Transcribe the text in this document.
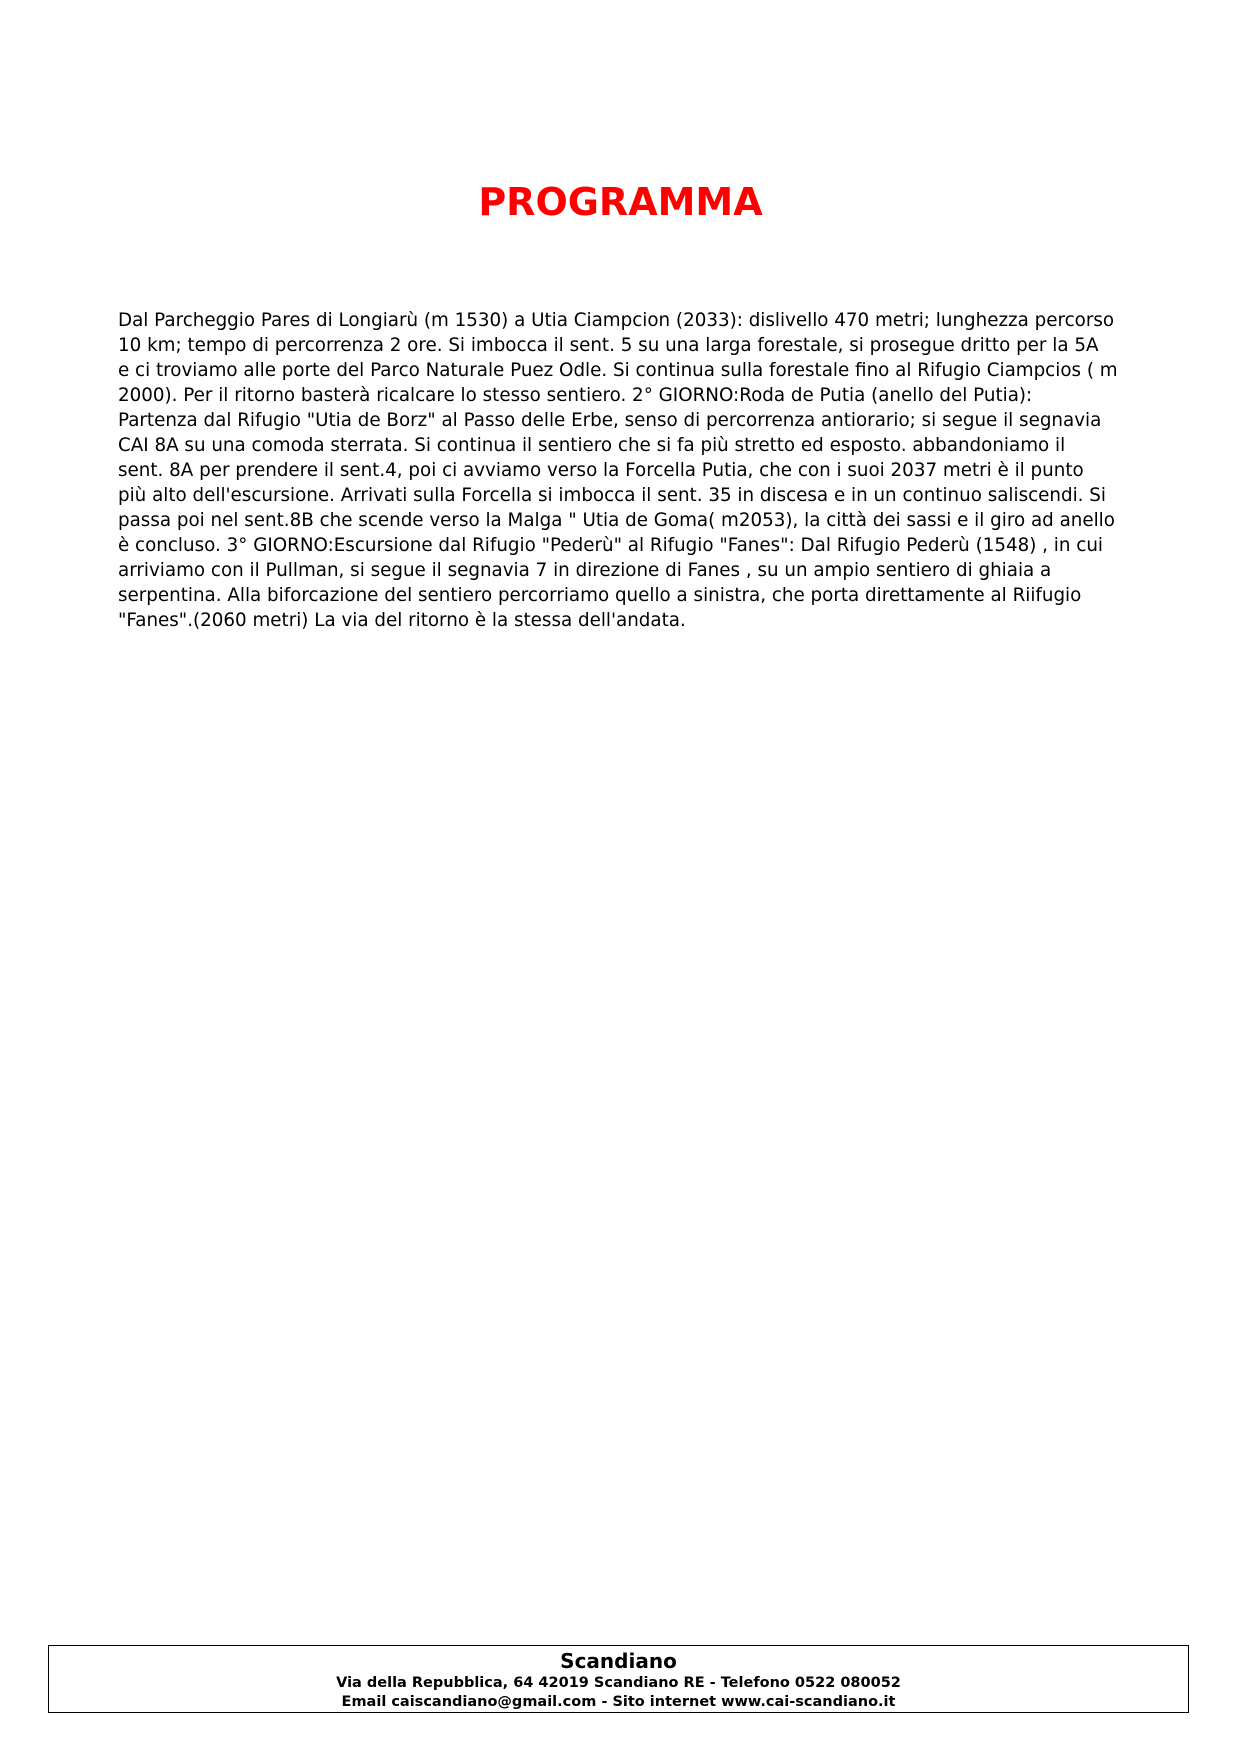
PROGRAMMA
Dal Parcheggio Pares di Longiarù (m 1530) a Utia Ciampcion (2033): dislivello 470 metri; lunghezza percorso
10 km; tempo di percorrenza 2 ore. Si imbocca il sent. 5 su una larga forestale, si prosegue dritto per la 5A
e ci troviamo alle porte del Parco Naturale Puez Odle. Si continua sulla forestale fino al Rifugio Ciampcios ( m
2000). Per il ritorno basterà ricalcare lo stesso sentiero. 2° GIORNO:Roda de Putia (anello del Putia):
Partenza dal Rifugio "Utia de Borz" al Passo delle Erbe, senso di percorrenza antiorario; si segue il segnavia
CAI 8A su una comoda sterrata. Si continua il sentiero che si fa più stretto ed esposto. abbandoniamo il
sent. 8A per prendere il sent.4, poi ci avviamo verso la Forcella Putia, che con i suoi 2037 metri è il punto
più alto dell'escursione. Arrivati sulla Forcella si imbocca il sent. 35 in discesa e in un continuo saliscendi. Si
passa poi nel sent.8B che scende verso la Malga " Utia de Goma( m2053), la città dei sassi e il giro ad anello
è concluso. 3° GIORNO:Escursione dal Rifugio "Pederù" al Rifugio "Fanes": Dal Rifugio Pederù (1548) , in cui
arriviamo con il Pullman, si segue il segnavia 7 in direzione di Fanes , su un ampio sentiero di ghiaia a
serpentina. Alla biforcazione del sentiero percorriamo quello a sinistra, che porta direttamente al Riifugio
"Fanes".(2060 metri) La via del ritorno è la stessa dell'andata.
Scandiano
Via della Repubblica, 64 42019 Scandiano RE - Telefono 0522 080052
Email caiscandiano@gmail.com - Sito internet www.cai-scandiano.it
